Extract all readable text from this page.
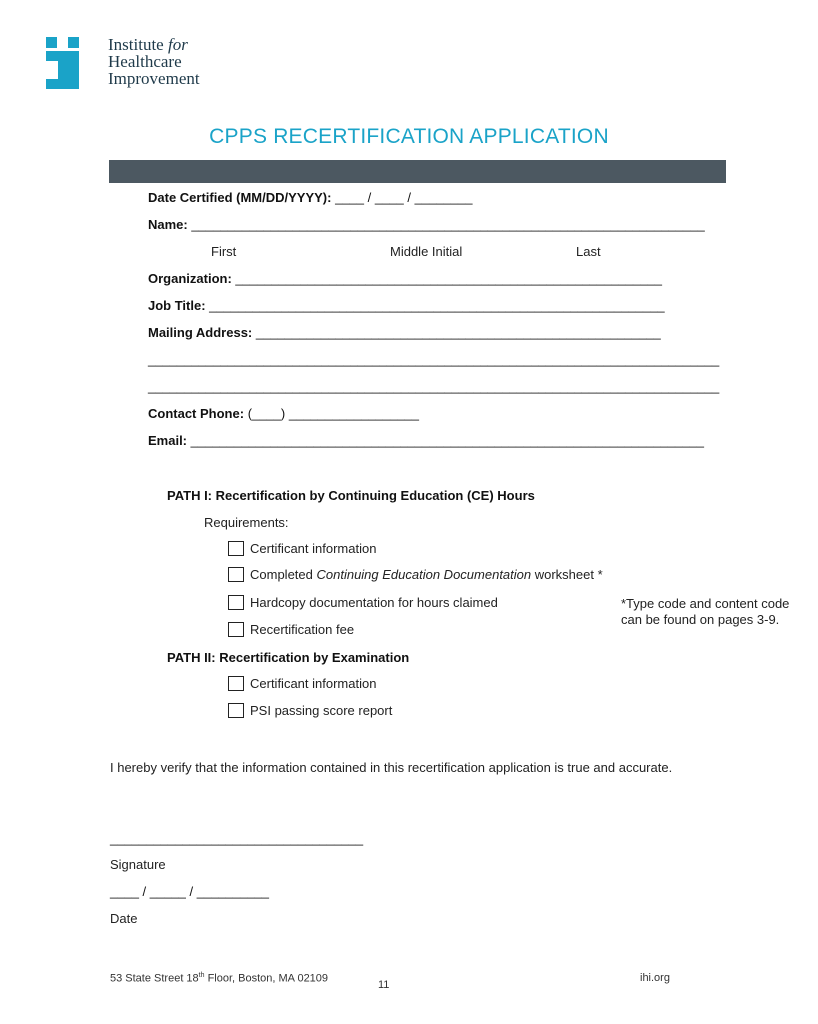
Institute for
Healthcare
Improvement
CPPS RECERTIFICATION APPLICATION
Date Certified (MM/DD/YYYY): ____ / ____ / ________
Name: _______________________________________________________________________
First	Middle Initial	Last
Organization: ___________________________________________________________
Job Title: _______________________________________________________________
Mailing Address: ________________________________________________________
_______________________________________________________________________________
_______________________________________________________________________________
Contact Phone: (____) __________________
Email: _______________________________________________________________________
PATH I: Recertification by Continuing Education (CE) Hours
Requirements:
Certificant information
Completed Continuing Education Documentation worksheet *
Hardcopy documentation for hours claimed
Recertification fee
*Type code and content code can be found on pages 3-9.
PATH II: Recertification by Examination
Certificant information
PSI passing score report
I hereby verify that the information contained in this recertification application is true and accurate.
___________________________________
Signature
____ / _____ / __________
Date
53 State Street 18th Floor, Boston, MA 02109
11
ihi.org
